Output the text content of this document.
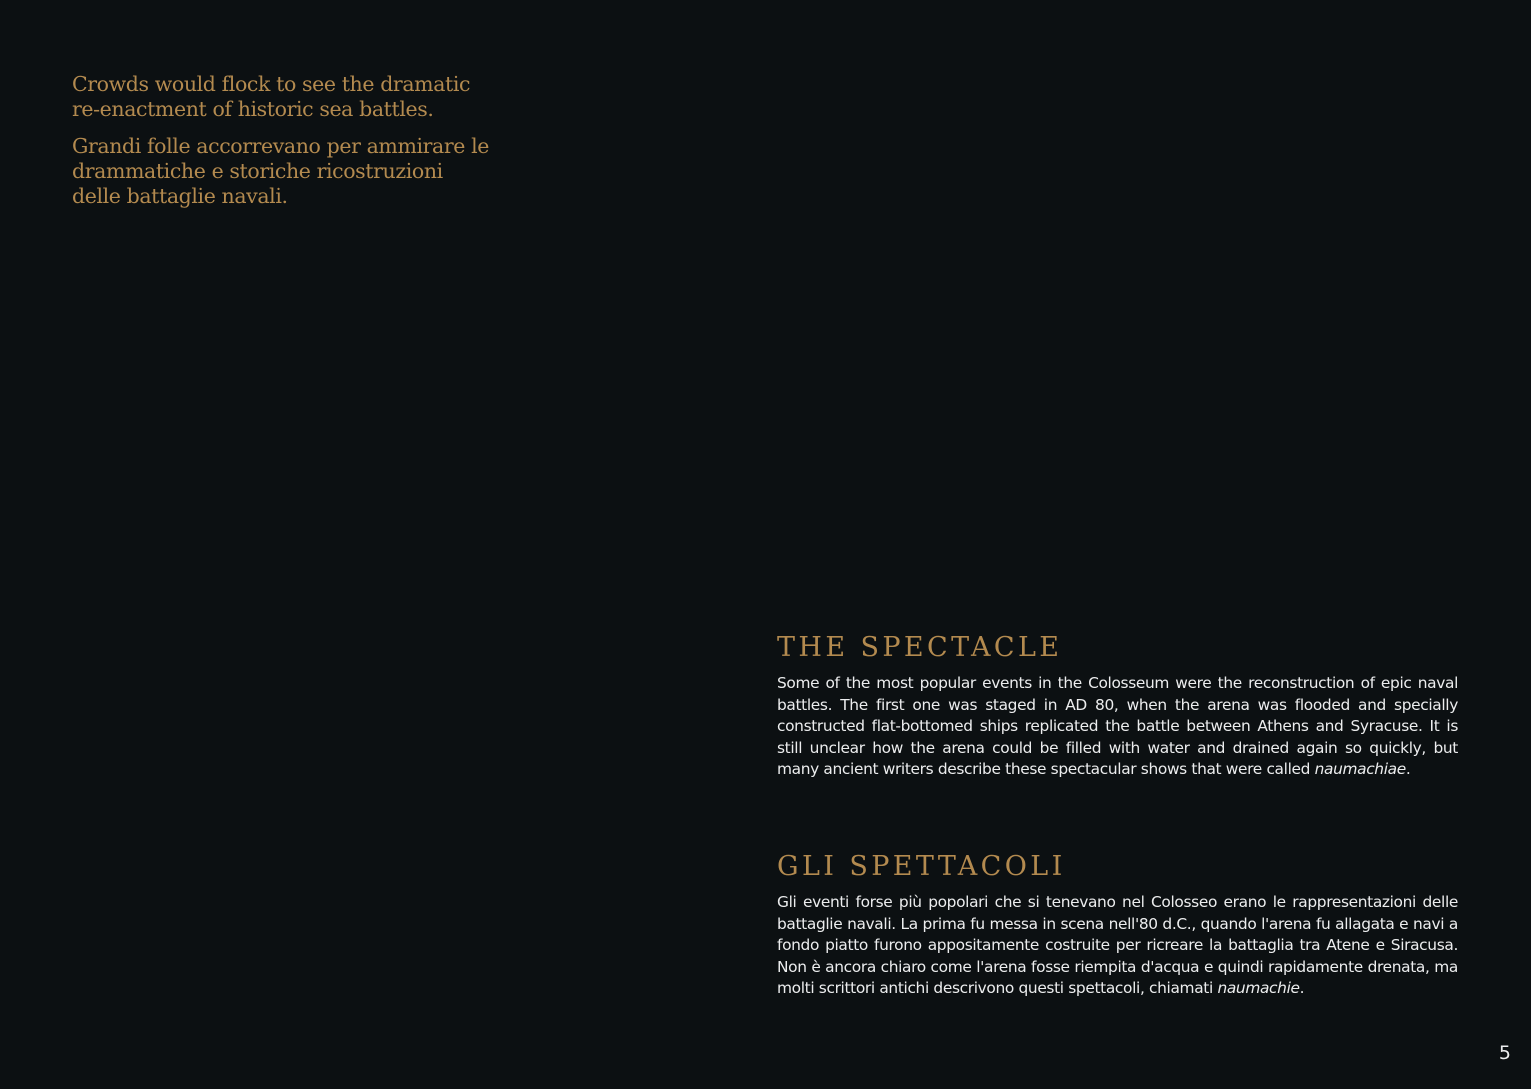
Crowds would flock to see the dramatic re-enactment of historic sea battles.

Grandi folle accorrevano per ammirare le drammatiche e storiche ricostruzioni delle battaglie navali.

THE SPECTACLE

Some of the most popular events in the Colosseum were the reconstruction of epic naval battles. The first one was staged in AD 80, when the arena was flooded and specially constructed flat-bottomed ships replicated the battle between Athens and Syracuse. It is still unclear how the arena could be filled with water and drained again so quickly, but many ancient writers describe these spectacular shows that were called naumachiae.

GLI SPETTACOLI

Gli eventi forse più popolari che si tenevano nel Colosseo erano le rappresentazioni delle battaglie navali. La prima fu messa in scena nell'80 d.C., quando l'arena fu allagata e navi a fondo piatto furono appositamente costruite per ricreare la battaglia tra Atene e Siracusa. Non è ancora chiaro come l'arena fosse riempita d'acqua e quindi rapidamente drenata, ma molti scrittori antichi descrivono questi spettacoli, chiamati naumachie.

5
